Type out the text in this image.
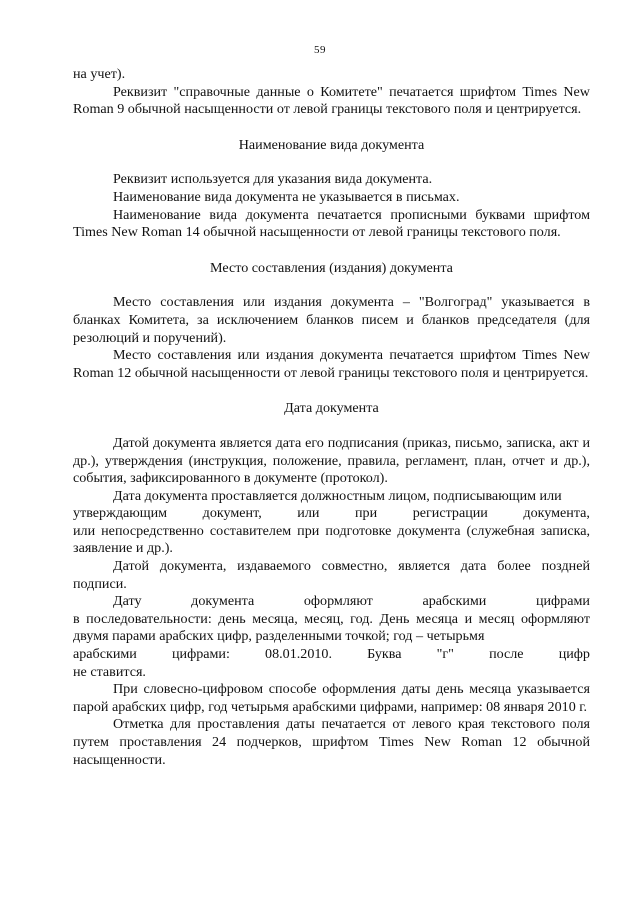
59

на учет).

Реквизит "справочные данные о Комитете" печатается шрифтом Times New Roman 9 обычной насыщенности от левой границы текстового поля и центрируется.

Наименование вида документа

Реквизит используется для указания вида документа.

Наименование вида документа не указывается в письмах.

Наименование вида документа печатается прописными буквами шрифтом Times New Roman 14 обычной насыщенности от левой границы текстового поля.

Место составления (издания) документа

Место составления или издания документа – "Волгоград" указывается в бланках Комитета, за исключением бланков писем и бланков председателя (для резолюций и поручений).

Место составления или издания документа печатается шрифтом Times New Roman 12 обычной насыщенности от левой границы текстового поля и центрируется.

Дата документа

Датой документа является дата его подписания (приказ, письмо, записка, акт и др.), утверждения (инструкция, положение, правила, регламент, план, отчет и др.), события, зафиксированного в документе (протокол).

Дата документа проставляется должностным лицом, подписывающим или

утверждающим	документ,	или	при	регистрации	документа,

или непосредственно составителем при подготовке документа (служебная записка, заявление и др.).

Датой документа, издаваемого совместно, является дата более поздней подписи.

Дату	документа	оформляют	арабскими	цифрами

в последовательности: день месяца, месяц, год. День месяца и месяц оформляют двумя парами арабских цифр, разделенными точкой; год – четырьмя

арабскими цифрами: 08.01.2010. Буква "г" после цифр

не ставится.

При словесно-цифровом способе оформления даты день месяца указывается парой арабских цифр, год четырьмя арабскими цифрами, например: 08 января 2010 г.

Отметка для проставления даты печатается от левого края текстового поля путем проставления 24 подчерков, шрифтом Times New Roman 12 обычной насыщенности.
